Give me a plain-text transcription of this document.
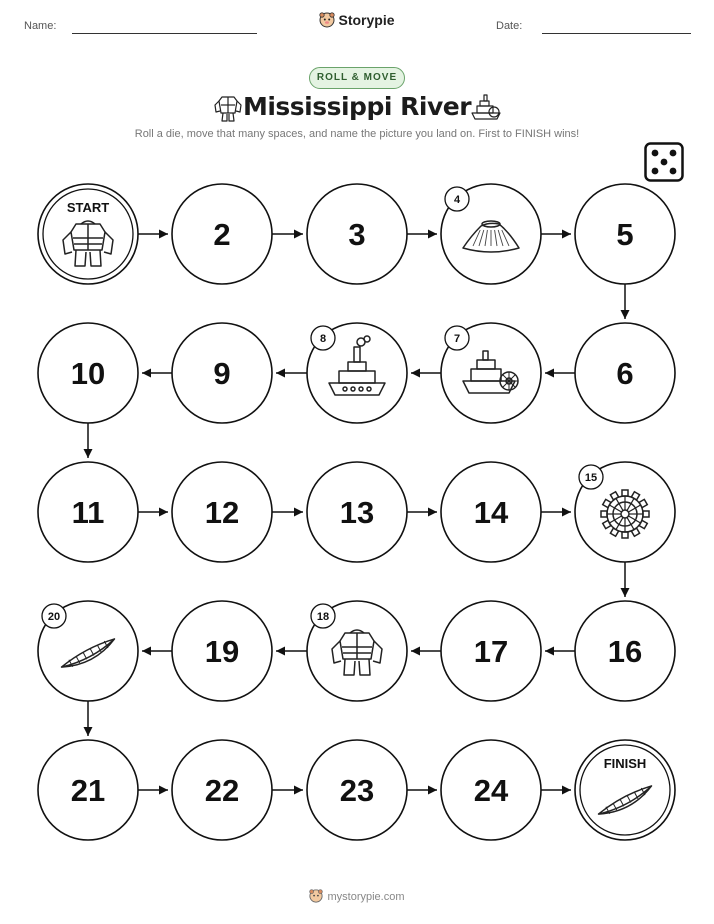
Name:	Storypie	Date:
ROLL & MOVE
Mississippi River
Roll a die, move that many spaces, and name the picture you land on. First to FINISH wins!
START
2	3
4
5
10	9
8	7
6
11	12	13	14
15
20
19
18
17	16
21	22	23	24
FINISH
mystorypie.com
